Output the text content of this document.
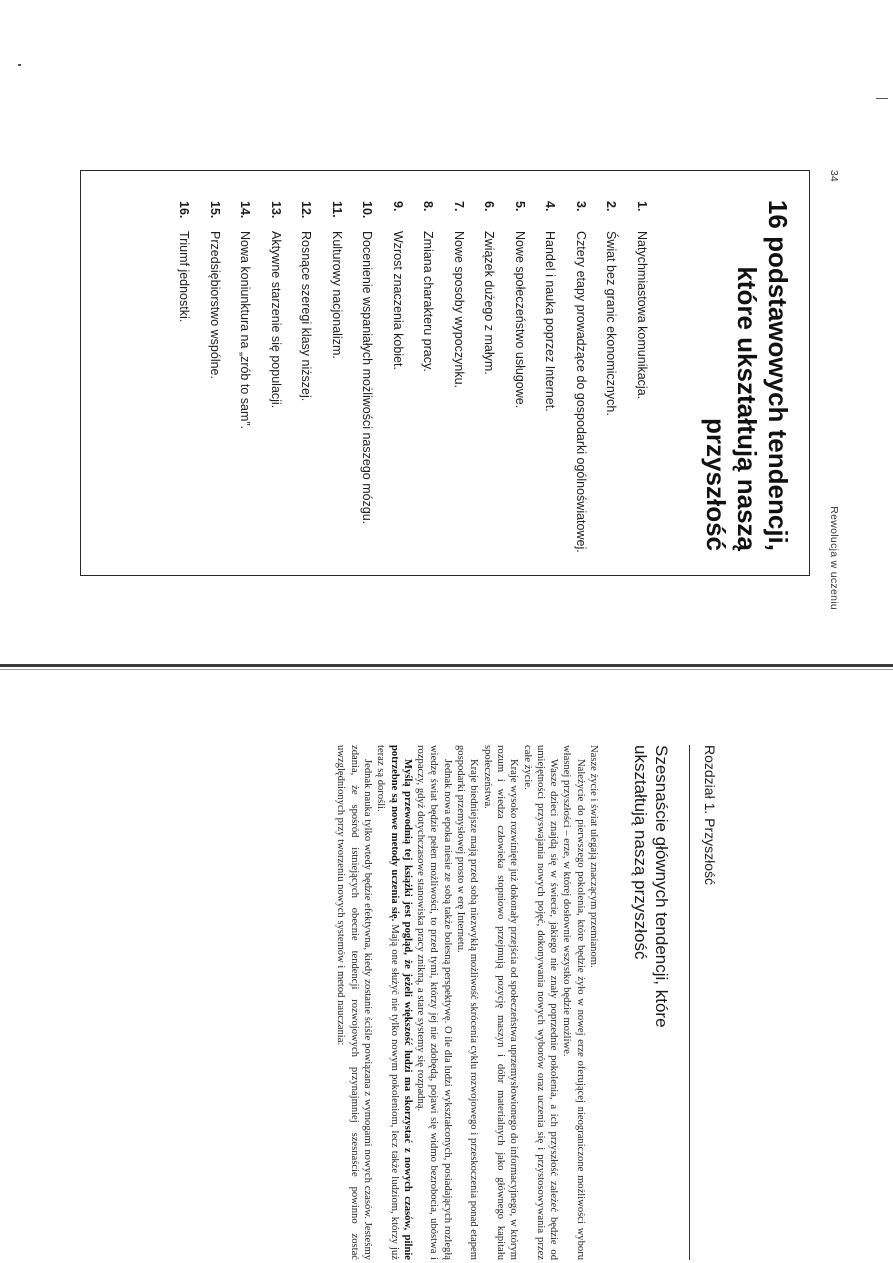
34
Rewolucja w uczeniu
16 podstawowych tendencji, które ukształtują naszą przyszłość
1.
Natychmiastowa komunikacja.
2.
Świat bez granic ekonomicznych.
3.
Cztery etapy prowadzące do gospodarki ogólnoświatowej.
4.
Handel i nauka poprzez Internet.
5.
Nowe społeczeństwo usługowe.
6.
Związek dużego z małym.
7.
Nowe sposoby wypoczynku.
8.
Zmiana charakteru pracy.
9.
Wzrost znaczenia kobiet.
10.
Docenienie wspaniałych możliwości naszego mózgu.
11.
Kulturowy nacjonalizm.
12.
Rosnące szeregi klasy niższej.
13.
Aktywne starzenie się populacji.
14.
Nowa koniunktura na „zrób to sam”.
15.
Przedsiębiorstwo wspólne.
16.
Triumf jednostki.
Rozdział 1. Przyszłość
Szesnaście głównych tendencji, które ukształtują naszą przyszłość

Nasze życie i świat ulegają znaczącym przemianom.

Należycie do pierwszego pokolenia, które będzie żyło w nowej erze oferującej nieograniczone możliwości wyboru własnej przyszłości – erze, w której dosłownie wszystko będzie możliwe.

Wasze dzieci znajdą się w świecie, jakiego nie znały poprzednie pokolenia, a ich przyszłość zależeć będzie od umiejętności przyswajania nowych pojęć, dokonywania nowych wyborów oraz uczenia się i przystosowywania przez całe życie.

Kraje wysoko rozwinięte już dokonały przejścia od społeczeństwa uprzemysłowionego do informacyjnego, w którym rozum i wiedza człowieka stopniowo przejmują pozycję maszyn i dóbr materialnych jako głównego kapitału społeczeństwa.

Kraje biedniejsze mają przed sobą niezwykłą możliwość skrócenia cyklu rozwojowego i przeskoczenia ponad etapem gospodarki przemysłowej prosto w erę Internetu.

Jednak nowa epoka niesie ze sobą także bolesną perspektywę. O ile dla ludzi wykształconych, posiadających rozległą wiedzę świat będzie pełen możliwości, to przed tymi, którzy jej nie zdobędą, pojawi się widmo bezrobocia, ubóstwa i rozpaczy, gdyż dotychczasowe stanowiska pracy znikną, a stare systemy się rozpadną.

Myślą przewodnią tej książki jest pogląd, że jeżeli większość ludzi ma skorzystać z nowych czasów, pilnie potrzebne są nowe metody uczenia się. Mają one służyć nie tylko nowym pokoleniom, lecz także ludziom, którzy już teraz są dorośli.

Jednak nauka tylko wtedy będzie efektywna, kiedy zostanie ściśle powiązana z wymogami nowych czasów. Jesteśmy zdania, że spośród istniejących obecnie tendencji rozwojowych przynajmniej szesnaście powinno zostać uwzględnionych przy tworzeniu nowych systemów i metod nauczania:
